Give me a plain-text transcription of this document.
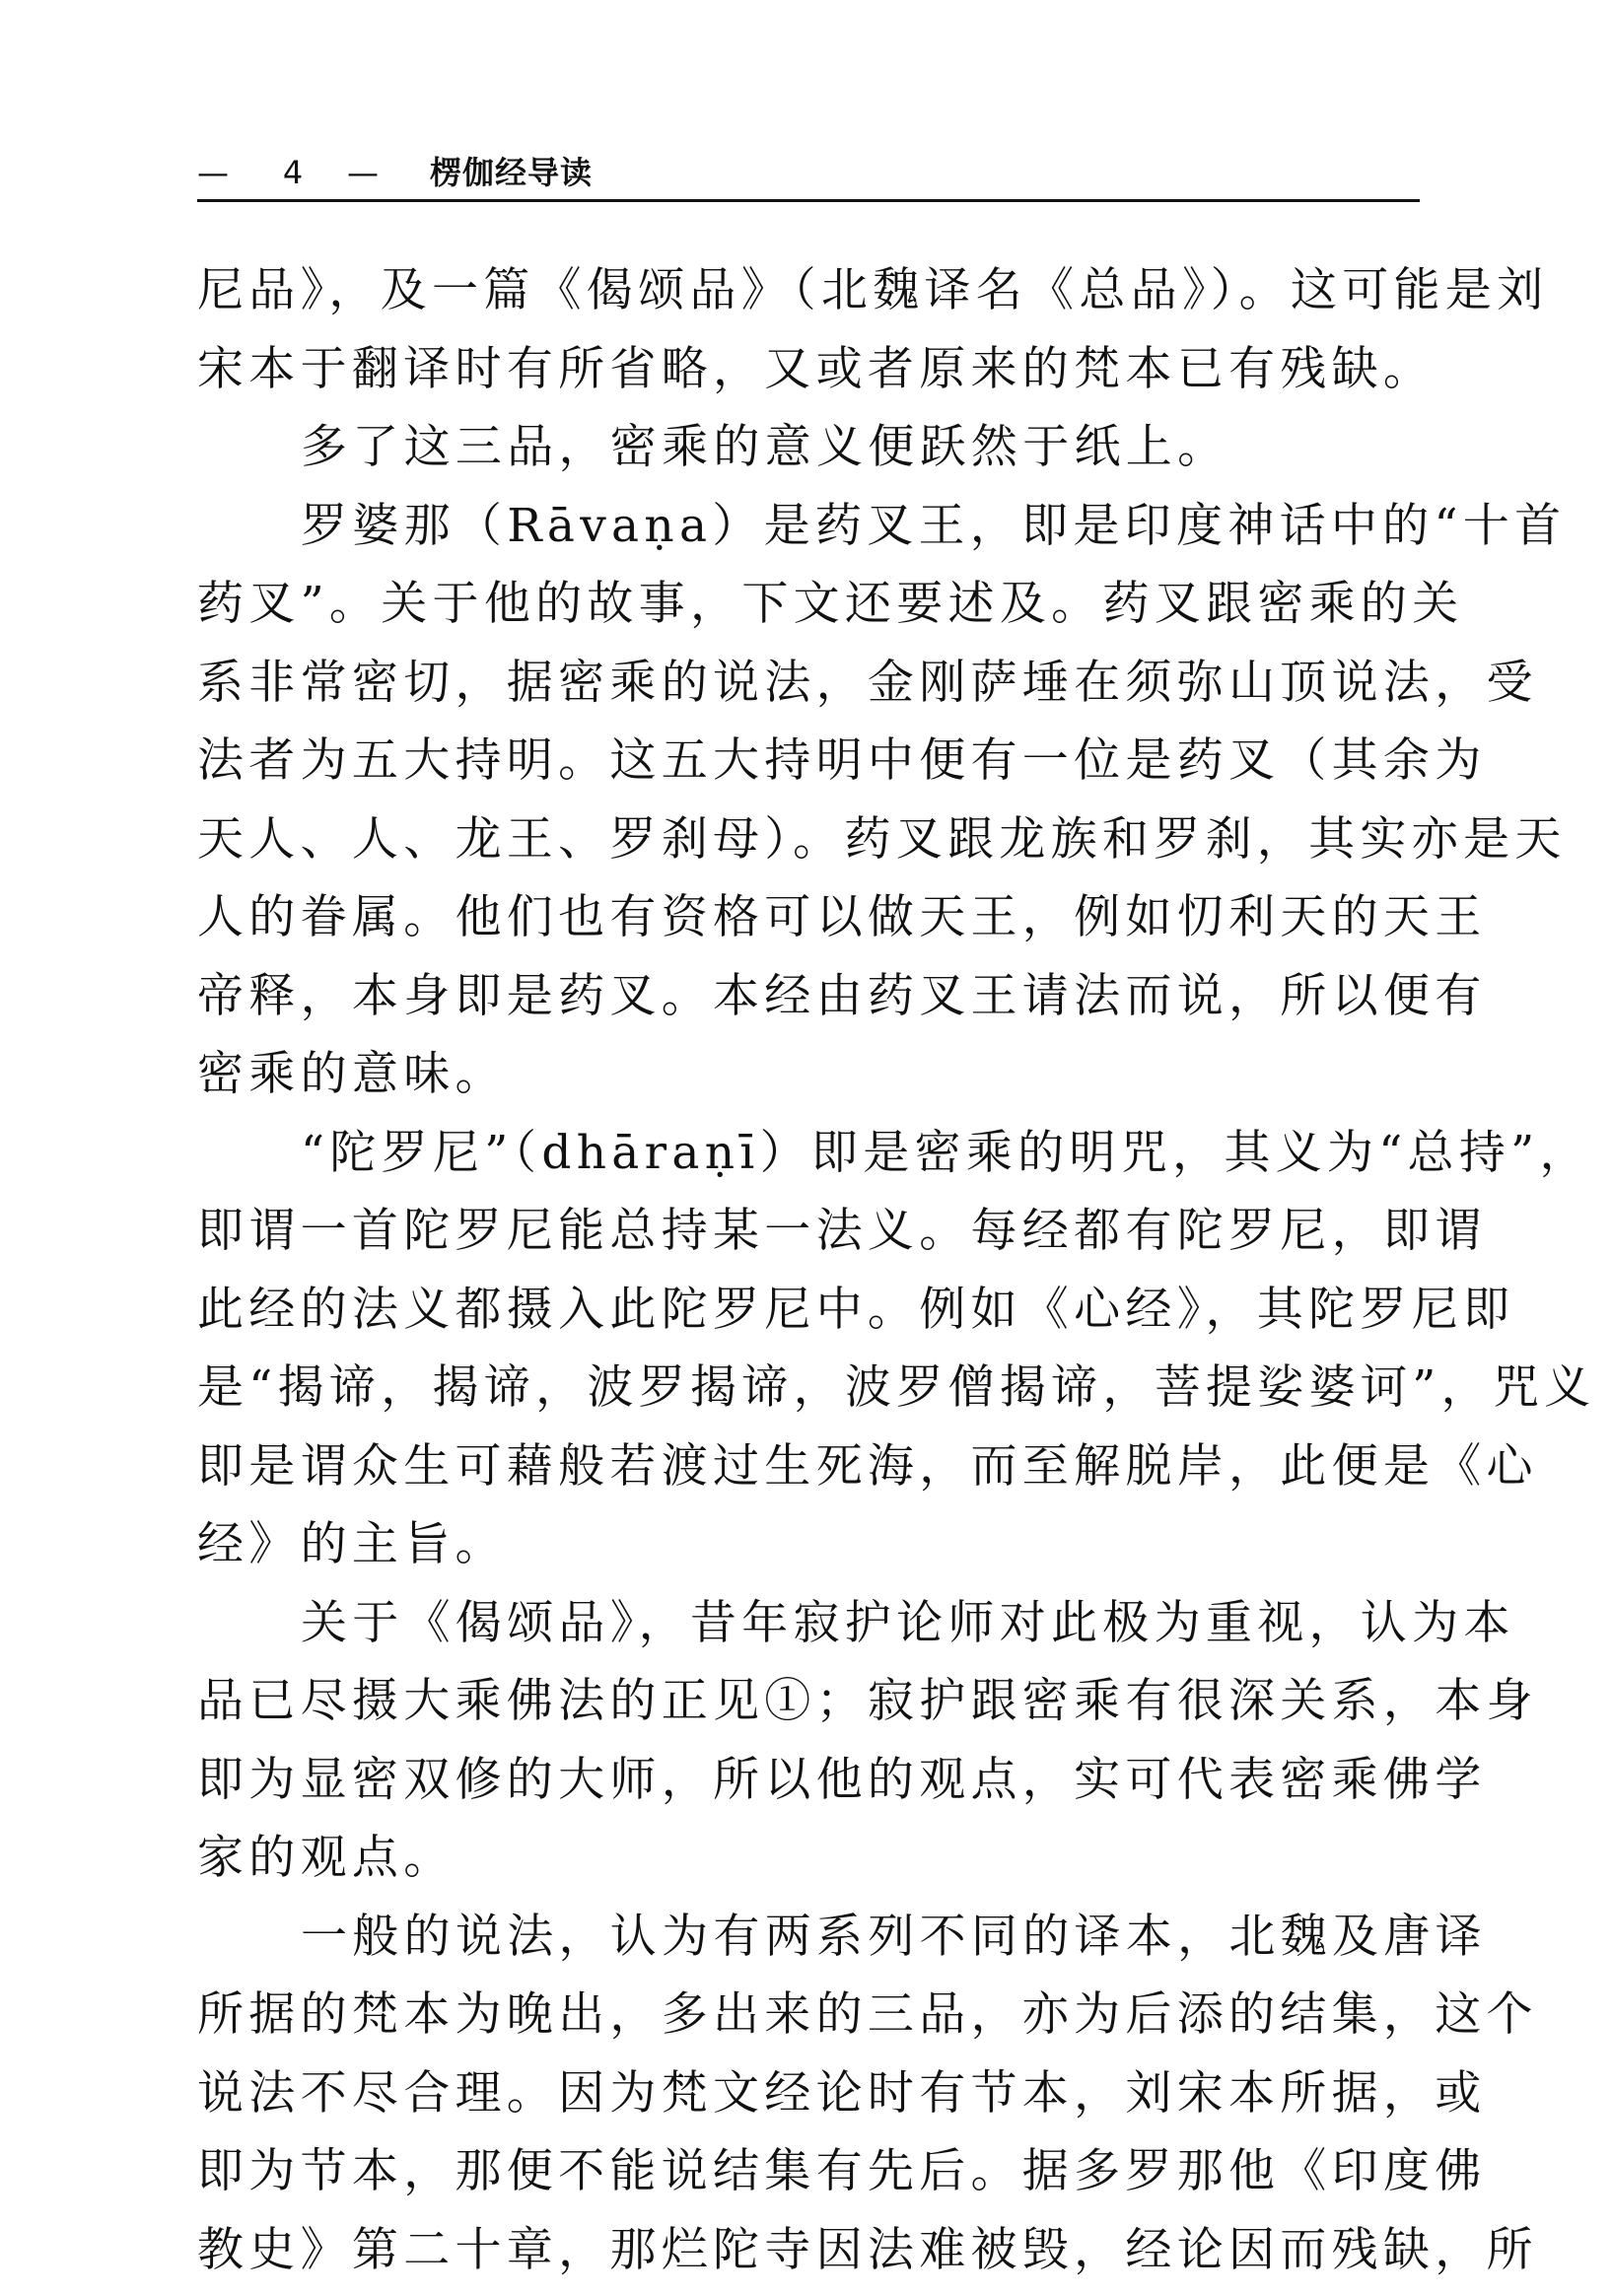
— 4 — 楞伽经导读
尼品》，及一篇《偈颂品》（北魏译名《总品》）。这可能是刘
宋本于翻译时有所省略，又或者原来的梵本已有残缺。
多了这三品，密乘的意义便跃然于纸上。
罗婆那（Rāvaṇa）是药叉王，即是印度神话中的“十首
药叉”。关于他的故事，下文还要述及。药叉跟密乘的关
系非常密切，据密乘的说法，金刚萨埵在须弥山顶说法，受
法者为五大持明。这五大持明中便有一位是药叉（其余为
天人、人、龙王、罗刹母）。药叉跟龙族和罗刹，其实亦是天
人的眷属。他们也有资格可以做天王，例如忉利天的天王
帝释，本身即是药叉。本经由药叉王请法而说，所以便有
密乘的意味。
“陀罗尼”（dhāraṇī）即是密乘的明咒，其义为“总持”，
即谓一首陀罗尼能总持某一法义。每经都有陀罗尼，即谓
此经的法义都摄入此陀罗尼中。例如《心经》，其陀罗尼即
是“揭谛，揭谛，波罗揭谛，波罗僧揭谛，菩提娑婆诃”，咒义
即是谓众生可藉般若渡过生死海，而至解脱岸，此便是《心
经》的主旨。
关于《偈颂品》，昔年寂护论师对此极为重视，认为本
品已尽摄大乘佛法的正见①；寂护跟密乘有很深关系，本身
即为显密双修的大师，所以他的观点，实可代表密乘佛学
家的观点。
一般的说法，认为有两系列不同的译本，北魏及唐译
所据的梵本为晚出，多出来的三品，亦为后添的结集，这个
说法不尽合理。因为梵文经论时有节本，刘宋本所据，或
即为节本，那便不能说结集有先后。据多罗那他《印度佛
教史》第二十章，那烂陀寺因法难被毁，经论因而残缺，所
